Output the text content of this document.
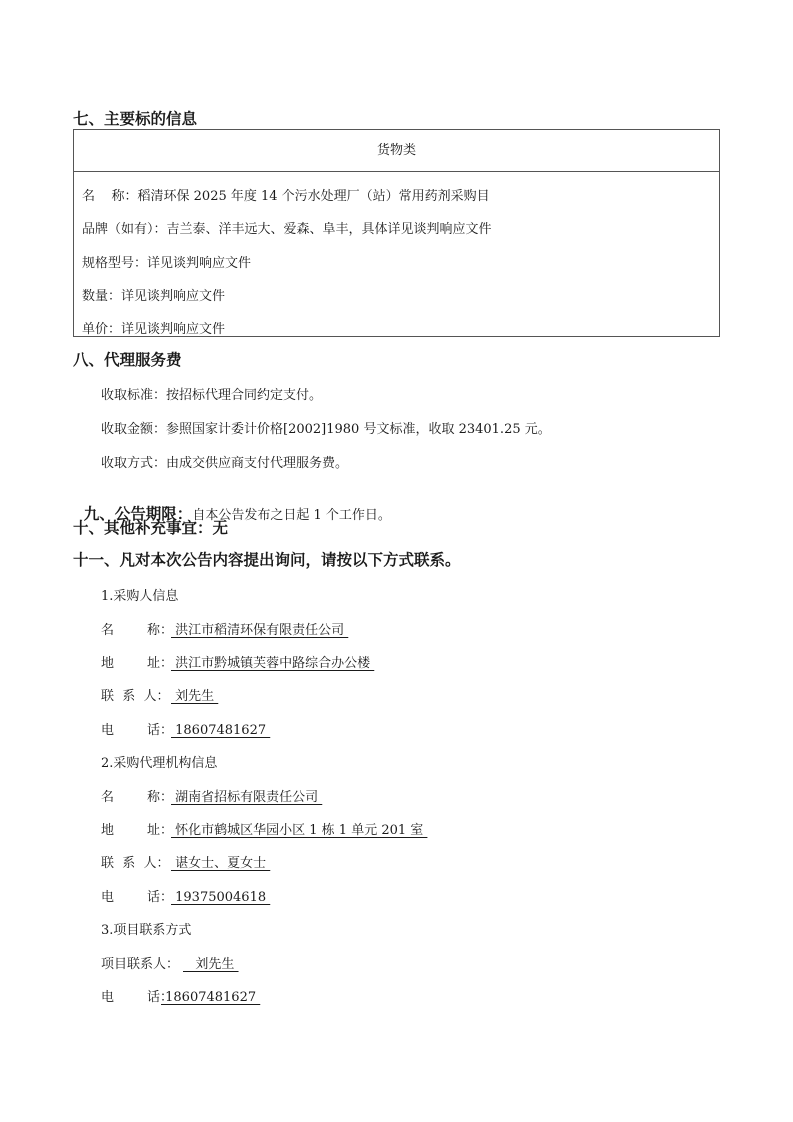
七、主要标的信息
货物类
名    称：稻清环保 2025 年度 14 个污水处理厂（站）常用药剂采购目
品牌（如有）：吉兰泰、洋丰远大、爱森、阜丰，具体详见谈判响应文件
规格型号：详见谈判响应文件
数量：详见谈判响应文件
单价：详见谈判响应文件
八、代理服务费
收取标准：按招标代理合同约定支付。
收取金额：参照国家计委计价格[2002]1980 号文标准，收取 23401.25 元。
收取方式：由成交供应商支付代理服务费。

九、公告期限：自本公告发布之日起 1 个工作日。

十、其他补充事宜：无
十一、凡对本次公告内容提出询问，请按以下方式联系。
1.采购人信息
名        称： 洪江市稻清环保有限责任公司
地        址： 洪江市黔城镇芙蓉中路综合办公楼
联  系  人： 刘先生
电        话： 18607481627
2.采购代理机构信息
名        称： 湖南省招标有限责任公司
地        址： 怀化市鹤城区华园小区 1 栋 1 单元 201 室
联  系  人： 谌女士、夏女士
电        话： 19375004618
3.项目联系方式
项目联系人：   刘先生
电        话： 18607481627
